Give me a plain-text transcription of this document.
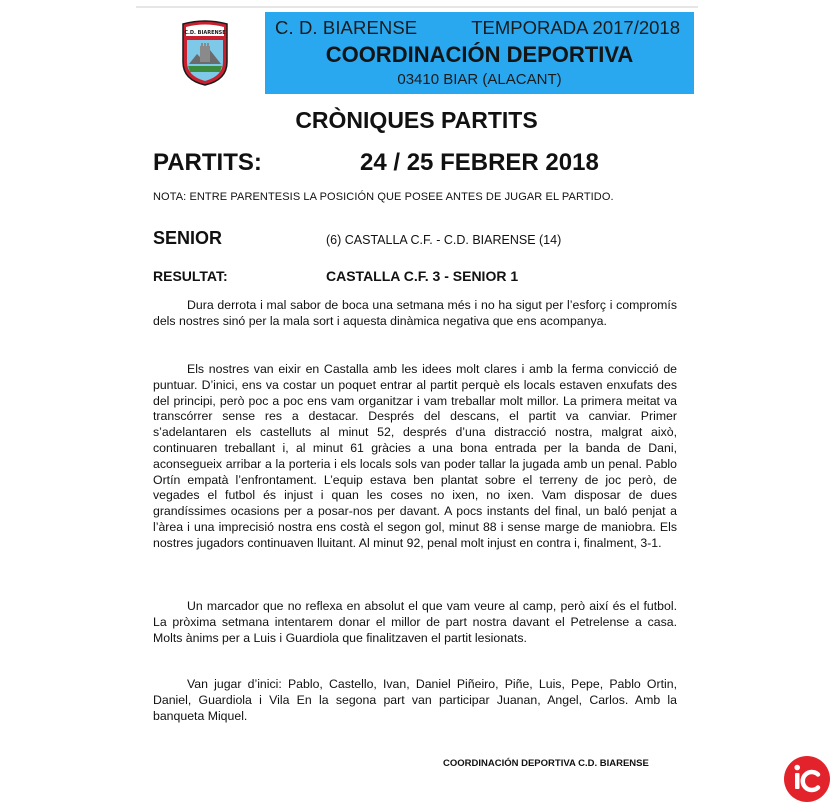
C.D. BIARENSE	C. D. BIARENSE	TEMPORADA 2017/2018
COORDINACIÓN DEPORTIVA
03410 BIAR (ALACANT)
CRÒNIQUES PARTITS
PARTITS:	24 / 25 FEBRER 2018
NOTA: ENTRE PARENTESIS LA POSICIÓN QUE POSEE ANTES DE JUGAR EL PARTIDO.
SENIOR	(6) CASTALLA C.F. - C.D. BIARENSE (14)
RESULTAT:	CASTALLA C.F. 3 - SENIOR 1

Dura derrota i mal sabor de boca una setmana més i no ha sigut per l’esforç i compromís dels nostres sinó per la mala sort i aquesta dinàmica negativa que ens acompanya.

Els nostres van eixir en Castalla amb les idees molt clares i amb la ferma convicció de puntuar. D’inici, ens va costar un poquet entrar al partit perquè els locals estaven enxufats des del principi, però poc a poc ens vam organitzar i vam treballar molt millor. La primera meitat va transcórrer sense res a destacar. Després del descans, el partit va canviar. Primer s’adelantaren els castelluts al minut 52, després d’una distracció nostra, malgrat això, continuaren treballant i, al minut 61 gràcies a una bona entrada per la banda de Dani, aconsegueix arribar a la porteria i els locals sols van poder tallar la jugada amb un penal. Pablo Ortín empatà l’enfrontament. L’equip estava ben plantat sobre el terreny de joc però, de vegades el futbol és injust i quan les coses no ixen, no ixen. Vam disposar de dues grandíssimes ocasions per a posar-nos per davant. A pocs instants del final, un baló penjat a l’àrea i una imprecisió nostra ens costà el segon gol, minut 88 i sense marge de maniobra. Els nostres jugadors continuaven lluitant. Al minut 92, penal molt injust en contra i, finalment, 3-1.

Un marcador que no reflexa en absolut el que vam veure al camp, però així és el futbol. La pròxima setmana intentarem donar el millor de part nostra davant el Petrelense a casa. Molts ànims per a Luis i Guardiola que finalitzaven el partit lesionats.

Van jugar d’inici: Pablo, Castello, Ivan, Daniel Piñeiro, Piñe, Luis, Pepe, Pablo Ortin, Daniel, Guardiola i Vila En la segona part van participar Juanan, Angel, Carlos. Amb la banqueta Miquel.

COORDINACIÓN DEPORTIVA C.D. BIARENSE
